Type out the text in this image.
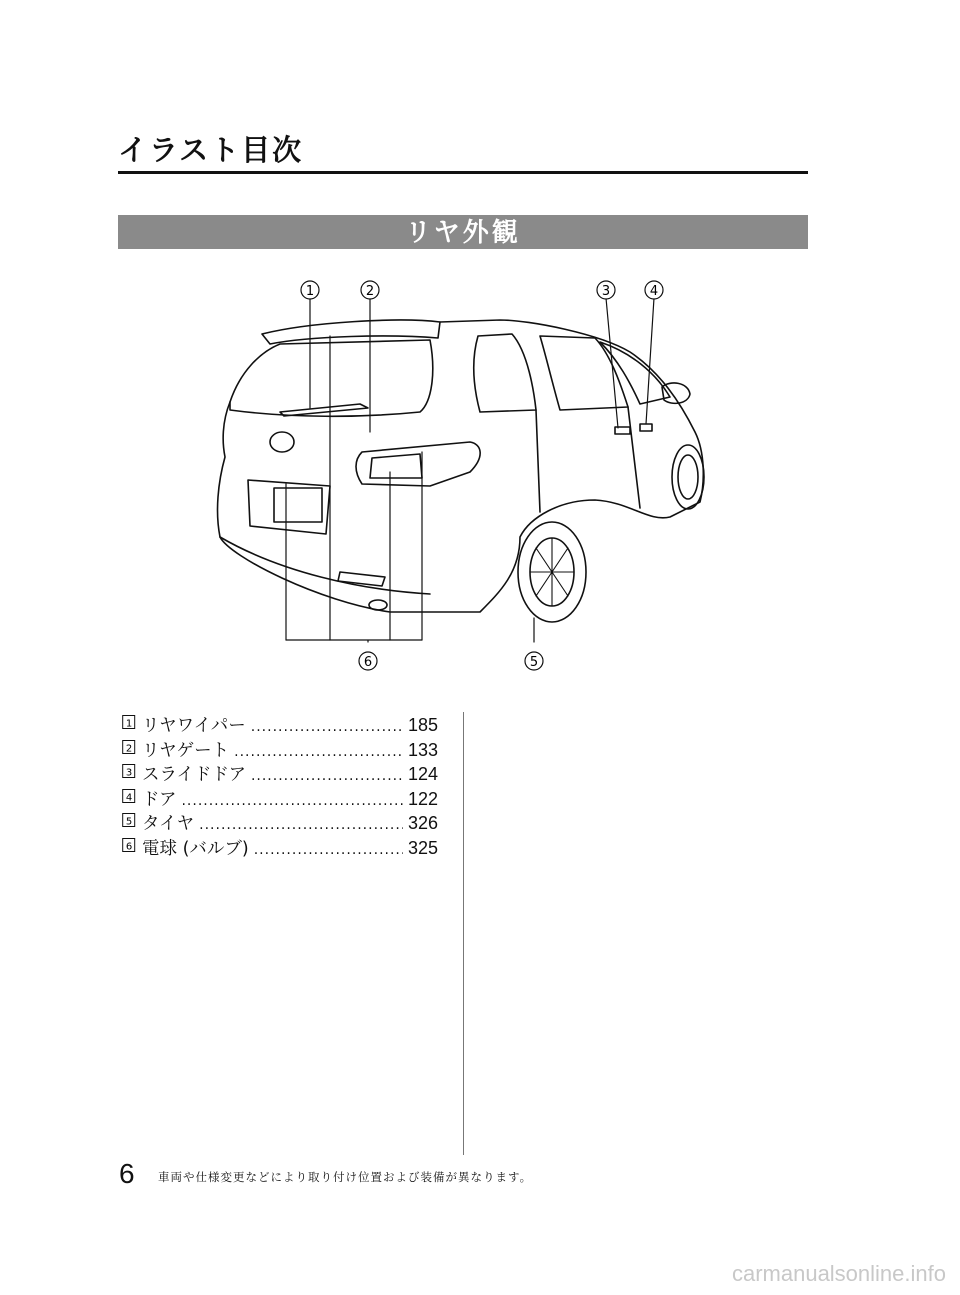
イラスト目次
リヤ外観
1	2	3	4
5
6
1 リヤワイパー .....	185
2 リヤゲート .....	133
3 スライドドア .....	124
4 ドア .....	122
5 タイヤ .....	326
6 電球 (バルブ) .....	325
6 車両や仕様変更などにより取り付け位置および装備が異なります。
carmanualsonline.info
